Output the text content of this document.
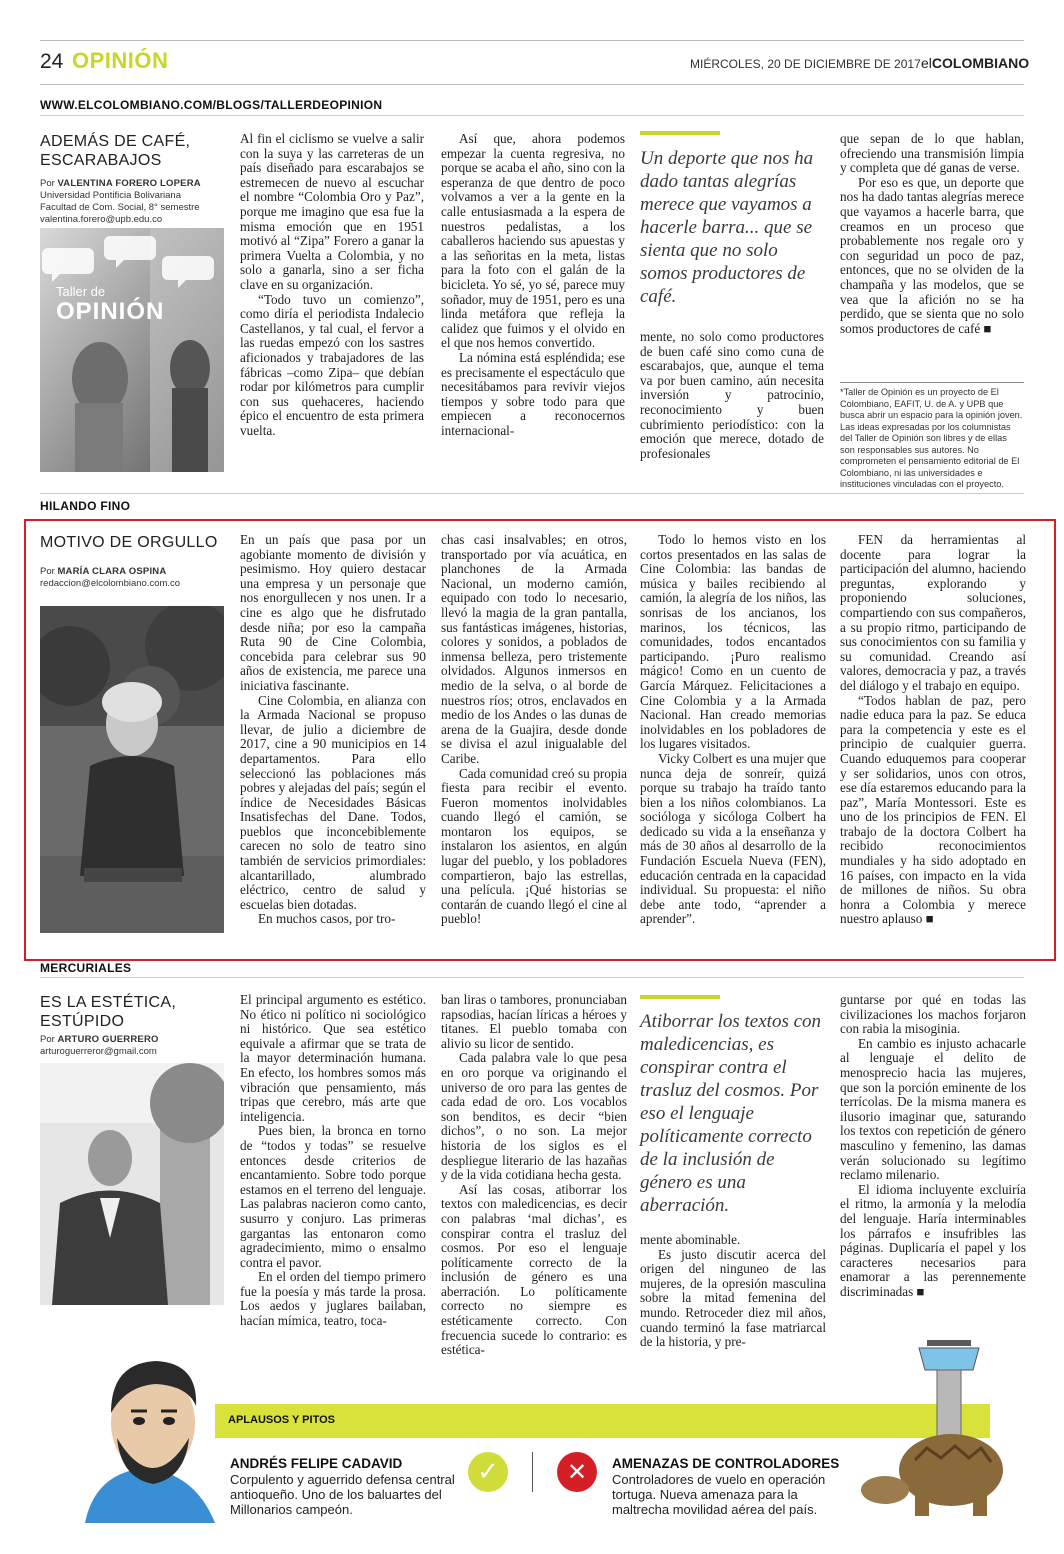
24 OPINIÓN	MIÉRCOLES, 20 DE DICIEMBRE DE 2017 elCOLOMBIANO
WWW.ELCOLOMBIANO.COM/BLOGS/TALLERDEOPINION
ADEMÁS DE CAFÉ,
ESCARABAJOS
Por VALENTINA FORERO LOPERA
Universidad Pontificia Bolivariana
Facultad de Com. Social, 8° semestre
valentina.forero@upb.edu.co
Taller de
OPINIÓN

Al fin el ciclismo se vuelve a salir con la suya y las carreteras de un país diseñado para escarabajos se estremecen de nuevo al escuchar el nombre “Colombia Oro y Paz”, porque me imagino que esa fue la misma emoción que en 1951 motivó al “Zipa” Forero a ganar la primera Vuelta a Colombia, y no solo a ganarla, sino a ser ficha clave en su organización.

“Todo tuvo un comienzo”, como diría el periodista Indalecio Castellanos, y tal cual, el fervor a las ruedas empezó con los sastres aficionados y trabajadores de las fábricas –como Zipa– que debían rodar por kilómetros para cumplir con sus quehaceres, haciendo épico el encuentro de esta primera vuelta.

Así que, ahora podemos empezar la cuenta regresiva, no porque se acaba el año, sino con la esperanza de que dentro de poco volvamos a ver a la gente en la calle entusiasmada a la espera de nuestros pedalistas, a los caballeros haciendo sus apuestas y a las señoritas en la meta, listas para la foto con el galán de la bicicleta. Yo sé, yo sé, parece muy soñador, muy de 1951, pero es una linda metáfora que refleja la calidez que fuimos y el olvido en el que nos hemos convertido.

La nómina está espléndida; ese es precisamente el espectáculo que necesitábamos para revivir viejos tiempos y sobre todo para que empiecen a reconocernos internacional-

Un deporte que nos ha dado tantas alegrías merece que vayamos a hacerle barra... que se sienta que no solo somos productores de café.

mente, no solo como productores de buen café sino como cuna de escarabajos, que, aunque el tema va por buen camino, aún necesita inversión y patrocinio, reconocimiento y buen cubrimiento periodístico: con la emoción que merece, dotado de profesionales

que sepan de lo que hablan, ofreciendo una transmisión limpia y completa que dé ganas de verse.

Por eso es que, un deporte que nos ha dado tantas alegrías merece que vayamos a hacerle barra, que creamos en un proceso que probablemente nos regale oro y con seguridad un poco de paz, entonces, que no se olviden de la champaña y las modelos, que se vea que la afición no se ha perdido, que se sienta que no solo somos productores de café ■

*Taller de Opinión es un proyecto de El Colombiano, EAFIT, U. de A. y UPB que busca abrir un espacio para la opinión joven. Las ideas expresadas por los columnistas del Taller de Opinión son libres y de ellas son responsables sus autores. No comprometen el pensamiento editorial de El Colombiano, ni las universidades e instituciones vinculadas con el proyecto.
HILANDO FINO
MOTIVO DE ORGULLO
Por MARÍA CLARA OSPINA
redaccion@elcolombiano.com.co

En un país que pasa por un agobiante momento de división y pesimismo. Hoy quiero destacar una empresa y un personaje que nos enorgullecen y nos unen. Ir a cine es algo que he disfrutado desde niña; por eso la campaña Ruta 90 de Cine Colombia, concebida para celebrar sus 90 años de existencia, me parece una iniciativa fascinante.

Cine Colombia, en alianza con la Armada Nacional se propuso llevar, de julio a diciembre de 2017, cine a 90 municipios en 14 departamentos. Para ello seleccionó las poblaciones más pobres y alejadas del país; según el índice de Necesidades Básicas Insatisfechas del Dane. Todos, pueblos que inconcebiblemente carecen no solo de teatro sino también de servicios primordiales: alcantarillado, alumbrado eléctrico, centro de salud y escuelas bien dotadas.

En muchos casos, por tro-

chas casi insalvables; en otros, transportado por vía acuática, en planchones de la Armada Nacional, un moderno camión, equipado con todo lo necesario, llevó la magia de la gran pantalla, sus fantásticas imágenes, historias, colores y sonidos, a poblados de inmensa belleza, pero tristemente olvidados. Algunos inmersos en medio de la selva, o al borde de nuestros ríos; otros, enclavados en medio de los Andes o las dunas de arena de la Guajira, desde donde se divisa el azul inigualable del Caribe.

Cada comunidad creó su propia fiesta para recibir el evento. Fueron momentos inolvidables cuando llegó el camión, se montaron los equipos, se instalaron los asientos, en algún lugar del pueblo, y los pobladores compartieron, bajo las estrellas, una película. ¡Qué historias se contarán de cuando llegó el cine al pueblo!

Todo lo hemos visto en los cortos presentados en las salas de Cine Colombia: las bandas de música y bailes recibiendo al camión, la alegría de los niños, las sonrisas de los ancianos, los marinos, los técnicos, las comunidades, todos encantados participando. ¡Puro realismo mágico! Como en un cuento de García Márquez. Felicitaciones a Cine Colombia y a la Armada Nacional. Han creado memorias inolvidables en los pobladores de los lugares visitados.

Vicky Colbert es una mujer que nunca deja de sonreír, quizá porque su trabajo ha traído tanto bien a los niños colombianos. La socióloga y sicóloga Colbert ha dedicado su vida a la enseñanza y más de 30 años al desarrollo de la Fundación Escuela Nueva (FEN), educación centrada en la capacidad individual. Su propuesta: el niño debe ante todo, “aprender a aprender”.

FEN da herramientas al docente para lograr la participación del alumno, haciendo preguntas, explorando y proponiendo soluciones, compartiendo con sus compañeros, a su propio ritmo, participando de sus conocimientos con su familia y su comunidad. Creando así valores, democracia y paz, a través del diálogo y el trabajo en equipo.

“Todos hablan de paz, pero nadie educa para la paz. Se educa para la competencia y este es el principio de cualquier guerra. Cuando eduquemos para cooperar y ser solidarios, unos con otros, ese día estaremos educando para la paz”, María Montessori. Este es uno de los principios de FEN. El trabajo de la doctora Colbert ha recibido reconocimientos mundiales y ha sido adoptado en 16 países, con impacto en la vida de millones de niños. Su obra honra a Colombia y merece nuestro aplauso ■

MERCURIALES
ES LA ESTÉTICA,
ESTÚPIDO
Por ARTURO GUERRERO
arturoguerreror@gmail.com

El principal argumento es estético. No ético ni político ni sociológico ni histórico. Que sea estético equivale a afirmar que se trata de la mayor determinación humana. En efecto, los hombres somos más vibración que pensamiento, más tripas que cerebro, más arte que inteligencia.

Pues bien, la bronca en torno de “todos y todas” se resuelve entonces desde criterios de encantamiento. Sobre todo porque estamos en el terreno del lenguaje. Las palabras nacieron como canto, susurro y conjuro. Las primeras gargantas las entonaron como agradecimiento, mimo o ensalmo contra el pavor.

En el orden del tiempo primero fue la poesía y más tarde la prosa. Los aedos y juglares bailaban, hacían mímica, teatro, toca-

ban liras o tambores, pronunciaban rapsodias, hacían líricas a héroes y titanes. El pueblo tomaba con alivio su licor de sentido.

Cada palabra vale lo que pesa en oro porque va originando el universo de oro para las gentes de cada edad de oro. Los vocablos son benditos, es decir “bien dichos”, o no son. La mejor historia de los siglos es el despliegue literario de las hazañas y de la vida cotidiana hecha gesta.

Así las cosas, atiborrar los textos con maledicencias, es decir con palabras ‘mal dichas’, es conspirar contra el trasluz del cosmos. Por eso el lenguaje políticamente correcto de la inclusión de género es una aberración. Lo políticamente correcto no siempre es estéticamente correcto. Con frecuencia sucede lo contrario: es estética-

Atiborrar los textos con maledicencias, es conspirar contra el trasluz del cosmos. Por eso el lenguaje políticamente correcto de la inclusión de género es una aberración.

mente abominable.

Es justo discutir acerca del origen del ninguneo de las mujeres, de la opresión masculina sobre la mitad femenina del mundo. Retroceder diez mil años, cuando terminó la fase matriarcal de la historia, y pre-

guntarse por qué en todas las civilizaciones los machos forjaron con rabia la misoginia.

En cambio es injusto achacarle al lenguaje el delito de menosprecio hacia las mujeres, que son la porción eminente de los terrícolas. De la misma manera es ilusorio imaginar que, saturando los textos con repetición de género masculino y femenino, las damas verán solucionado su legítimo reclamo milenario.

El idioma incluyente excluiría el ritmo, la armonía y la melodía del lenguaje. Haría interminables los párrafos e insufribles las páginas. Duplicaría el papel y los caracteres necesarios para enamorar a las perennemente discriminadas ■

APLAUSOS Y PITOS
ANDRÉS FELIPE CADAVID
Corpulento y aguerrido defensa central antioqueño. Uno de los baluartes del Millonarios campeón.
✓	✕	AMENAZAS DE CONTROLADORES
Controladores de vuelo en operación tortuga. Nueva amenaza para la maltrecha movilidad aérea del país.
